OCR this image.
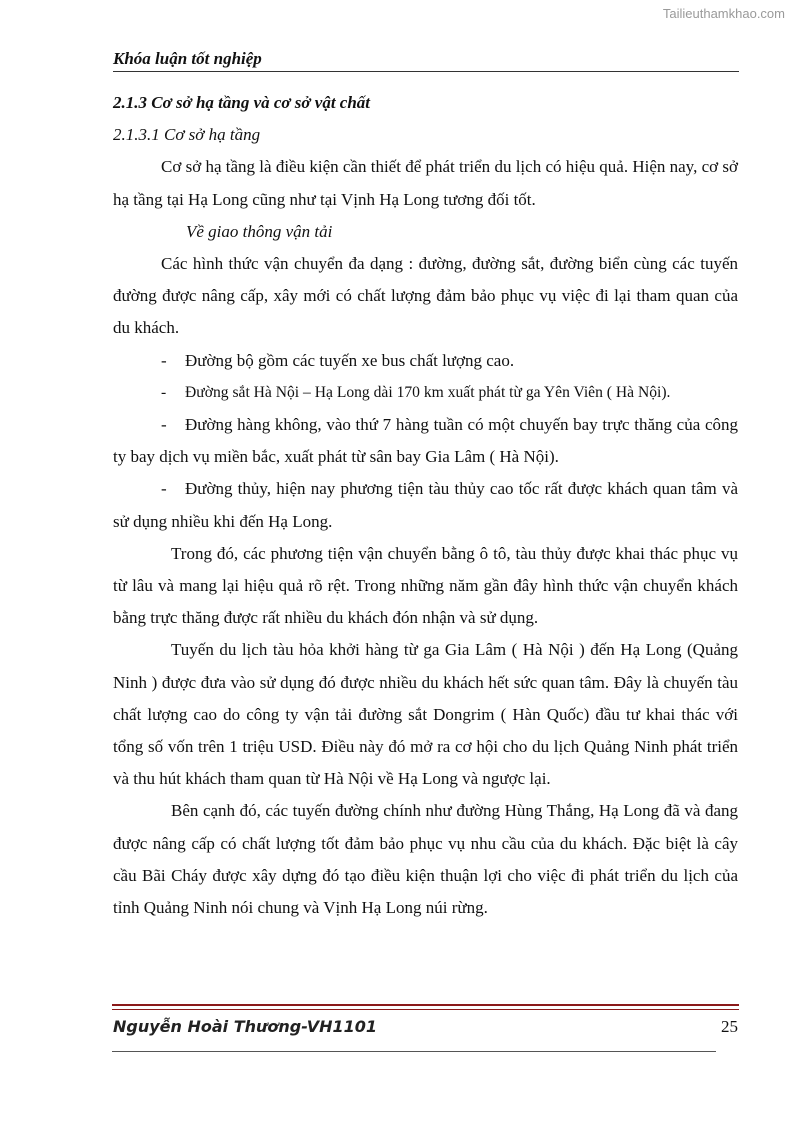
Tailieuthamkhao.com
Khóa luận tốt nghiệp

2.1.3 Cơ sở hạ tầng và cơ sở vật chất

2.1.3.1 Cơ sở hạ tầng

Cơ sở hạ tầng là điều kiện cần thiết để phát triển du lịch có hiệu quả. Hiện nay, cơ sở hạ tầng tại Hạ Long cũng như tại Vịnh Hạ Long tương đối tốt.

Về giao thông vận tải

Các hình thức vận chuyển đa dạng : đường, đường sắt, đường biển cùng các tuyến đường được nâng cấp, xây mới có chất lượng đảm bảo phục vụ việc đi lại tham quan của du khách.

- Đường bộ gồm các tuyến xe bus chất lượng cao.

- Đường sắt Hà Nội – Hạ Long dài 170 km xuất phát từ ga Yên Viên ( Hà Nội).

- Đường hàng không, vào thứ 7 hàng tuần có một chuyến bay trực thăng của công ty bay dịch vụ miền bắc, xuất phát từ sân bay Gia Lâm ( Hà Nội).

- Đường thủy, hiện nay phương tiện tàu thủy cao tốc rất được khách quan tâm và sử dụng nhiều khi đến Hạ Long.

Trong đó, các phương tiện vận chuyển bằng ô tô, tàu thủy được khai thác phục vụ từ lâu và mang lại hiệu quả rõ rệt. Trong những năm gần đây hình thức vận chuyển khách bằng trực thăng được rất nhiều du khách đón nhận và sử dụng.

Tuyến du lịch tàu hỏa khởi hàng từ ga Gia Lâm ( Hà Nội ) đến Hạ Long (Quảng Ninh ) được đưa vào sử dụng đó được nhiều du khách hết sức quan tâm. Đây là chuyến tàu chất lượng cao do công ty vận tải đường sắt Dongrim ( Hàn Quốc) đầu tư khai thác với tổng số vốn trên 1 triệu USD. Điều này đó mở ra cơ hội cho du lịch Quảng Ninh phát triển và thu hút khách tham quan từ Hà Nội về Hạ Long và ngược lại.

Bên cạnh đó, các tuyến đường chính như đường Hùng Thắng, Hạ Long đã và đang được nâng cấp có chất lượng tốt đảm bảo phục vụ nhu cầu của du khách. Đặc biệt là cây cầu Bãi Cháy được xây dựng đó tạo điều kiện thuận lợi cho việc đi phát triển du lịch của tỉnh Quảng Ninh nói chung và Vịnh Hạ Long núi rừng.

Nguyễn Hoài Thương-VH1101	25
